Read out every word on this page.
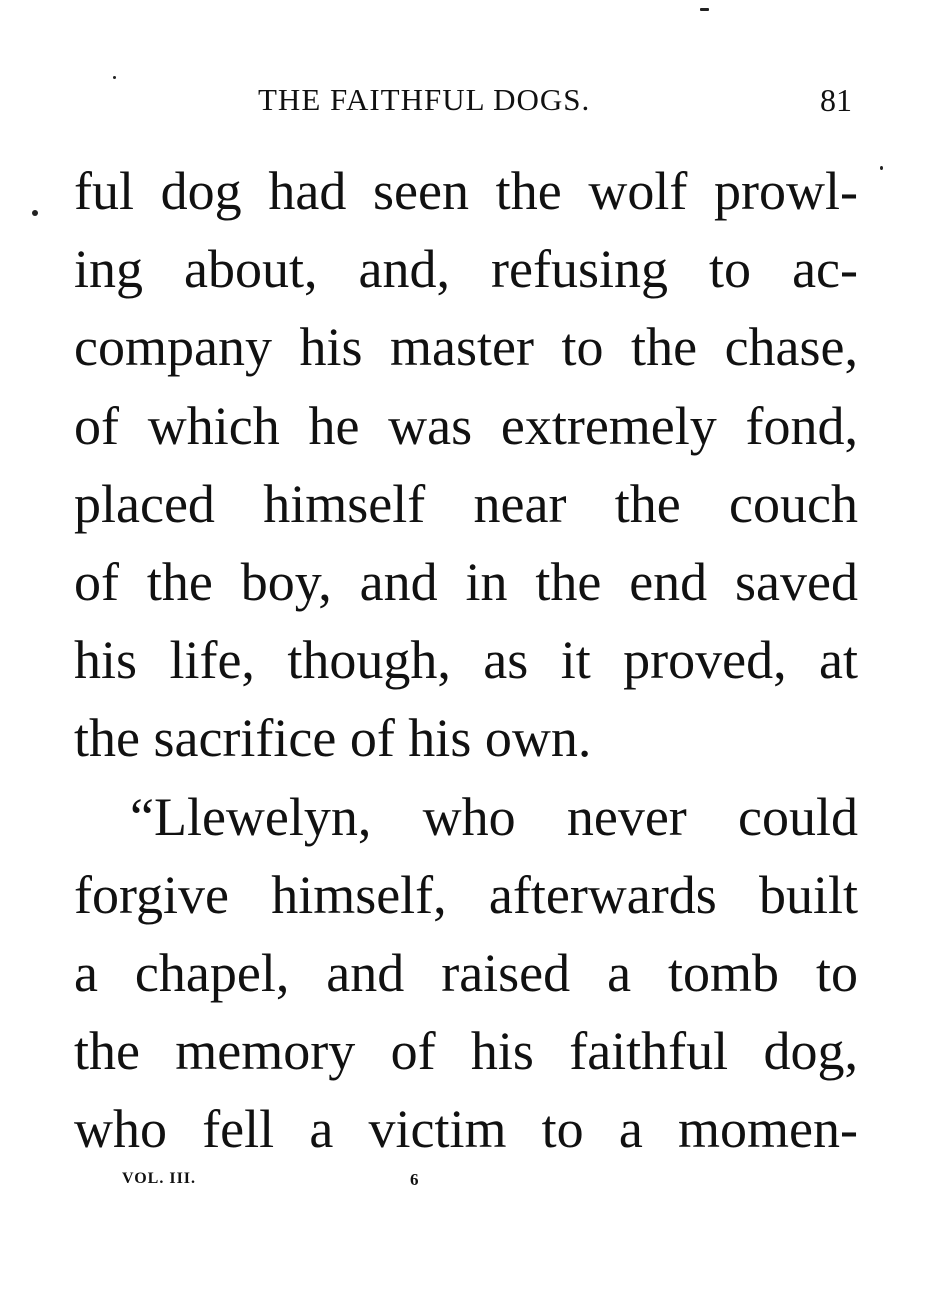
THE FAITHFUL DOGS.	81
ful dog had seen the wolf prowl-
ing about, and, refusing to ac-
company his master to the chase,
of which he was extremely fond,
placed himself near the couch
of the boy, and in the end saved
his life, though, as it proved, at
the sacrifice of his own.
“Llewelyn, who never could
forgive himself, afterwards built
a chapel, and raised a tomb to
the memory of his faithful dog,
who fell a victim to a momen-
VOL. III.	6
